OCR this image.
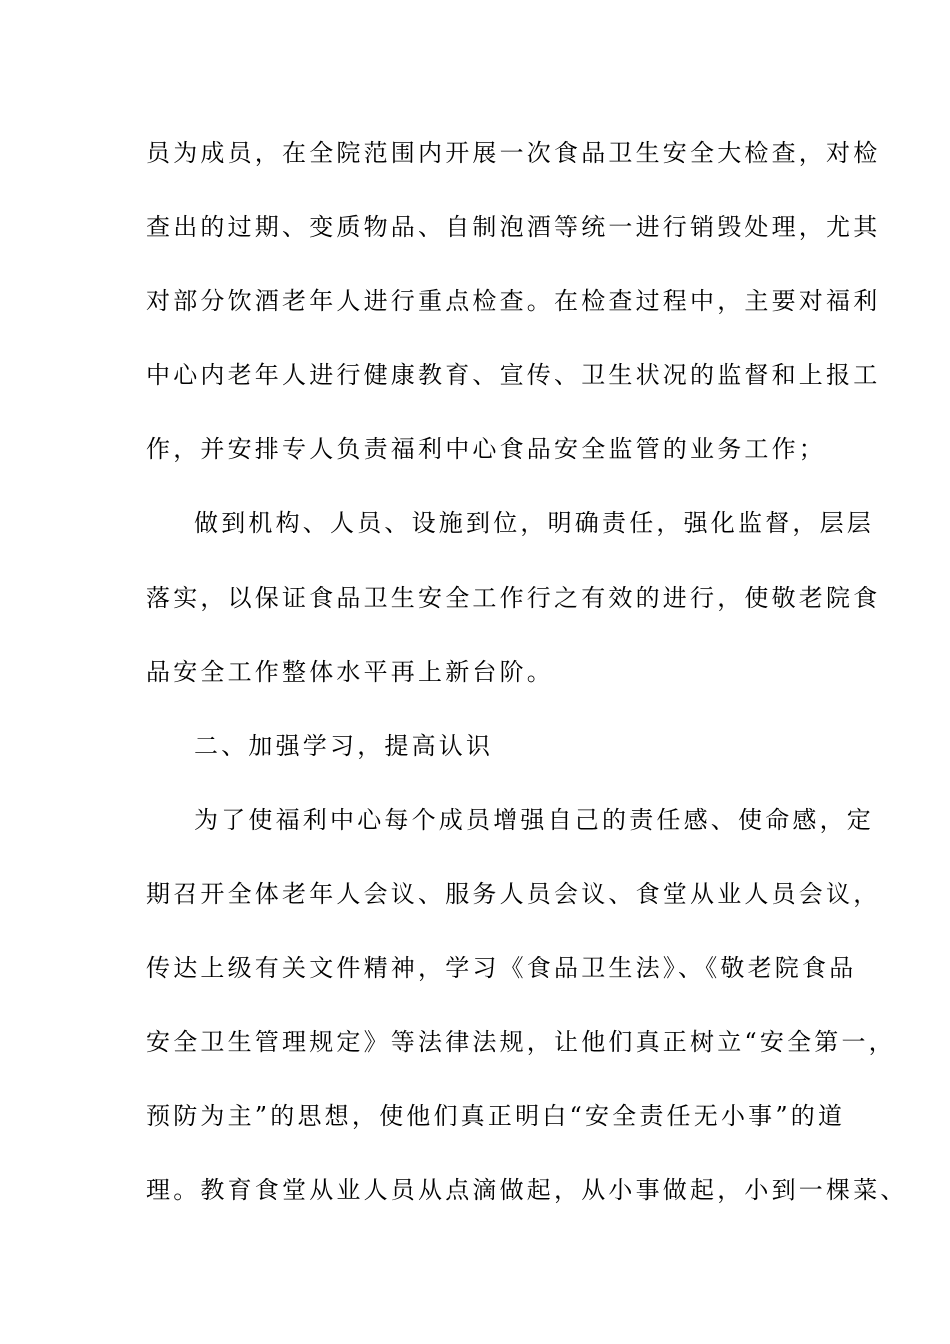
员为成员，在全院范围内开展一次食品卫生安全大检查，对检
查出的过期、变质物品、自制泡酒等统一进行销毁处理，尤其
对部分饮酒老年人进行重点检查。在检查过程中，主要对福利
中心内老年人进行健康教育、宣传、卫生状况的监督和上报工
作，并安排专人负责福利中心食品安全监管的业务工作；
做到机构、人员、设施到位，明确责任，强化监督，层层
落实，以保证食品卫生安全工作行之有效的进行，使敬老院食
品安全工作整体水平再上新台阶。
二、加强学习，提高认识
为了使福利中心每个成员增强自己的责任感、使命感，定
期召开全体老年人会议、服务人员会议、食堂从业人员会议，
传达上级有关文件精神，学习《食品卫生法》、《敬老院食品
安全卫生管理规定》等法律法规，让他们真正树立“安全第一，
预防为主”的思想，使他们真正明白“安全责任无小事”的道
理。教育食堂从业人员从点滴做起，从小事做起，小到一棵菜、
